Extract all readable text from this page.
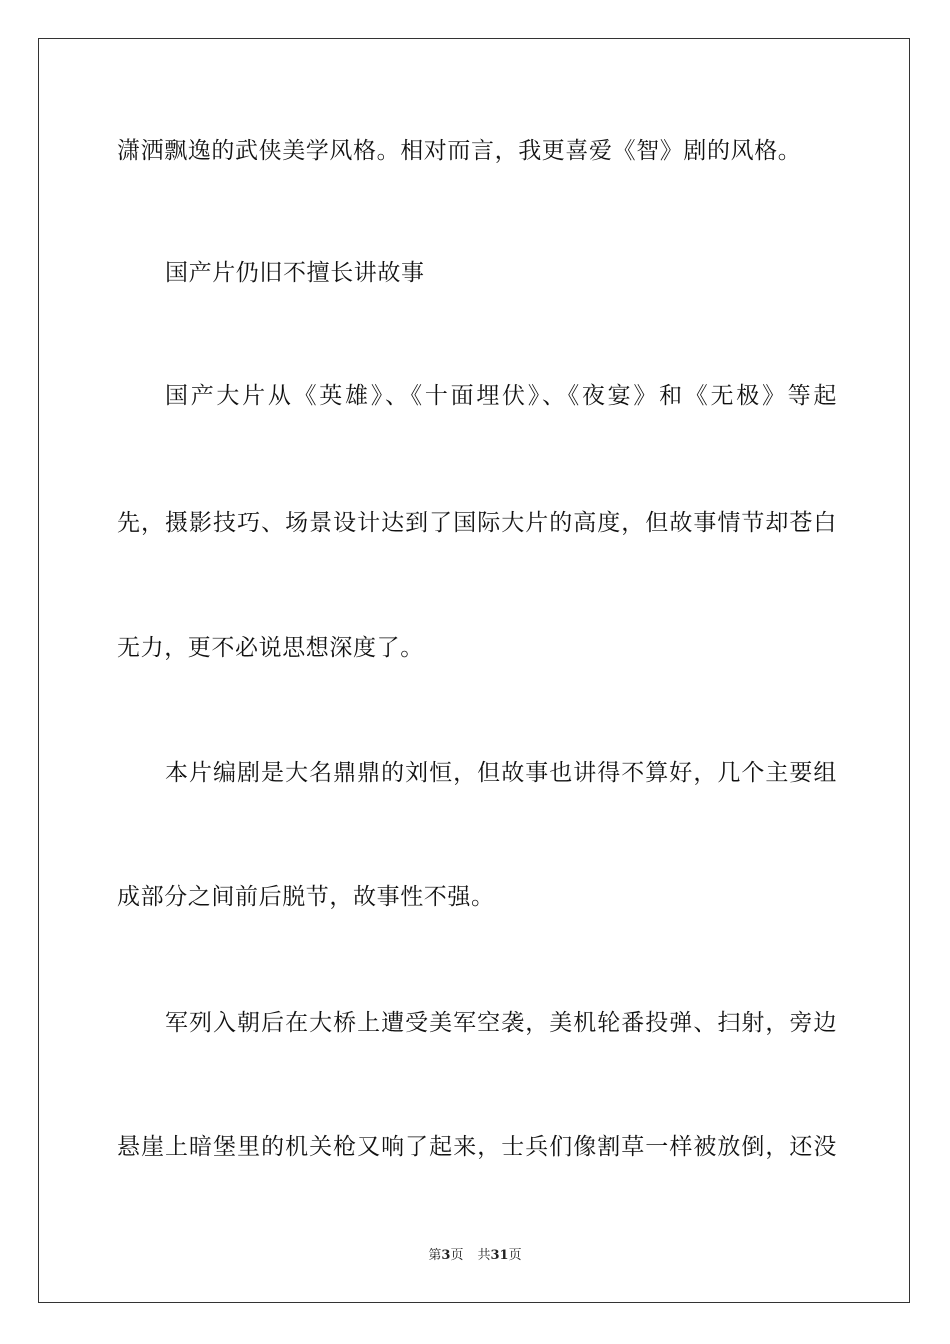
潇洒飘逸的武侠美学风格。相对而言，我更喜爱《智》剧的风格。
国产片仍旧不擅长讲故事
国产大片从《英雄》、《十面埋伏》、《夜宴》和《无极》等起
先，摄影技巧、场景设计达到了国际大片的高度，但故事情节却苍白
无力，更不必说思想深度了。
本片编剧是大名鼎鼎的刘恒，但故事也讲得不算好，几个主要组
成部分之间前后脱节，故事性不强。
军列入朝后在大桥上遭受美军空袭，美机轮番投弹、扫射，旁边
悬崖上暗堡里的机关枪又响了起来，士兵们像割草一样被放倒，还没
第3页 共31页
